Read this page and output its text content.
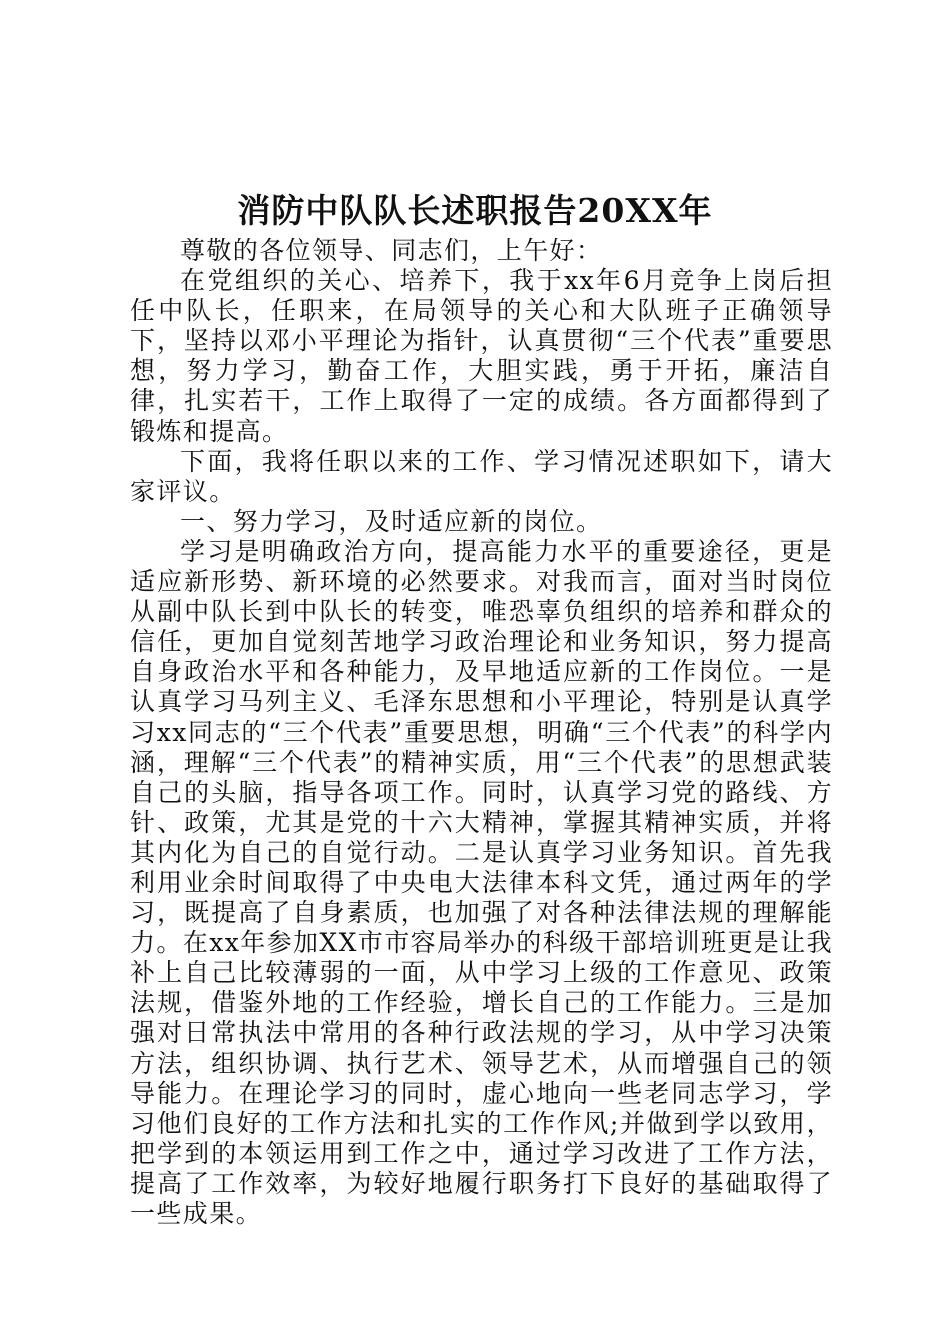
消防中队队长述职报告20XX年

尊敬的各位领导、同志们，上午好：

在党组织的关心、培养下，我于xx年6月竞争上岗后担任中队长，任职来，在局领导的关心和大队班子正确领导下，坚持以邓小平理论为指针，认真贯彻“三个代表”重要思想，努力学习，勤奋工作，大胆实践，勇于开拓，廉洁自律，扎实若干，工作上取得了一定的成绩。各方面都得到了锻炼和提高。

下面，我将任职以来的工作、学习情况述职如下，请大家评议。

一、努力学习，及时适应新的岗位。

学习是明确政治方向，提高能力水平的重要途径，更是适应新形势、新环境的必然要求。对我而言，面对当时岗位从副中队长到中队长的转变，唯恐辜负组织的培养和群众的信任，更加自觉刻苦地学习政治理论和业务知识，努力提高自身政治水平和各种能力，及早地适应新的工作岗位。一是认真学习马列主义、毛泽东思想和小平理论，特别是认真学习xx同志的“三个代表”重要思想，明确“三个代表”的科学内涵，理解“三个代表”的精神实质，用“三个代表”的思想武装自己的头脑，指导各项工作。同时，认真学习党的路线、方针、政策，尤其是党的十六大精神，掌握其精神实质，并将其内化为自己的自觉行动。二是认真学习业务知识。首先我利用业余时间取得了中央电大法律本科文凭，通过两年的学习，既提高了自身素质，也加强了对各种法律法规的理解能力。在xx年参加XX市市容局举办的科级干部培训班更是让我补上自己比较薄弱的一面，从中学习上级的工作意见、政策法规，借鉴外地的工作经验，增长自己的工作能力。三是加强对日常执法中常用的各种行政法规的学习，从中学习决策方法，组织协调、执行艺术、领导艺术，从而增强自己的领导能力。在理论学习的同时，虚心地向一些老同志学习，学习他们良好的工作方法和扎实的工作作风;并做到学以致用，把学到的本领运用到工作之中，通过学习改进了工作方法，提高了工作效率，为较好地履行职务打下良好的基础取得了一些成果。
